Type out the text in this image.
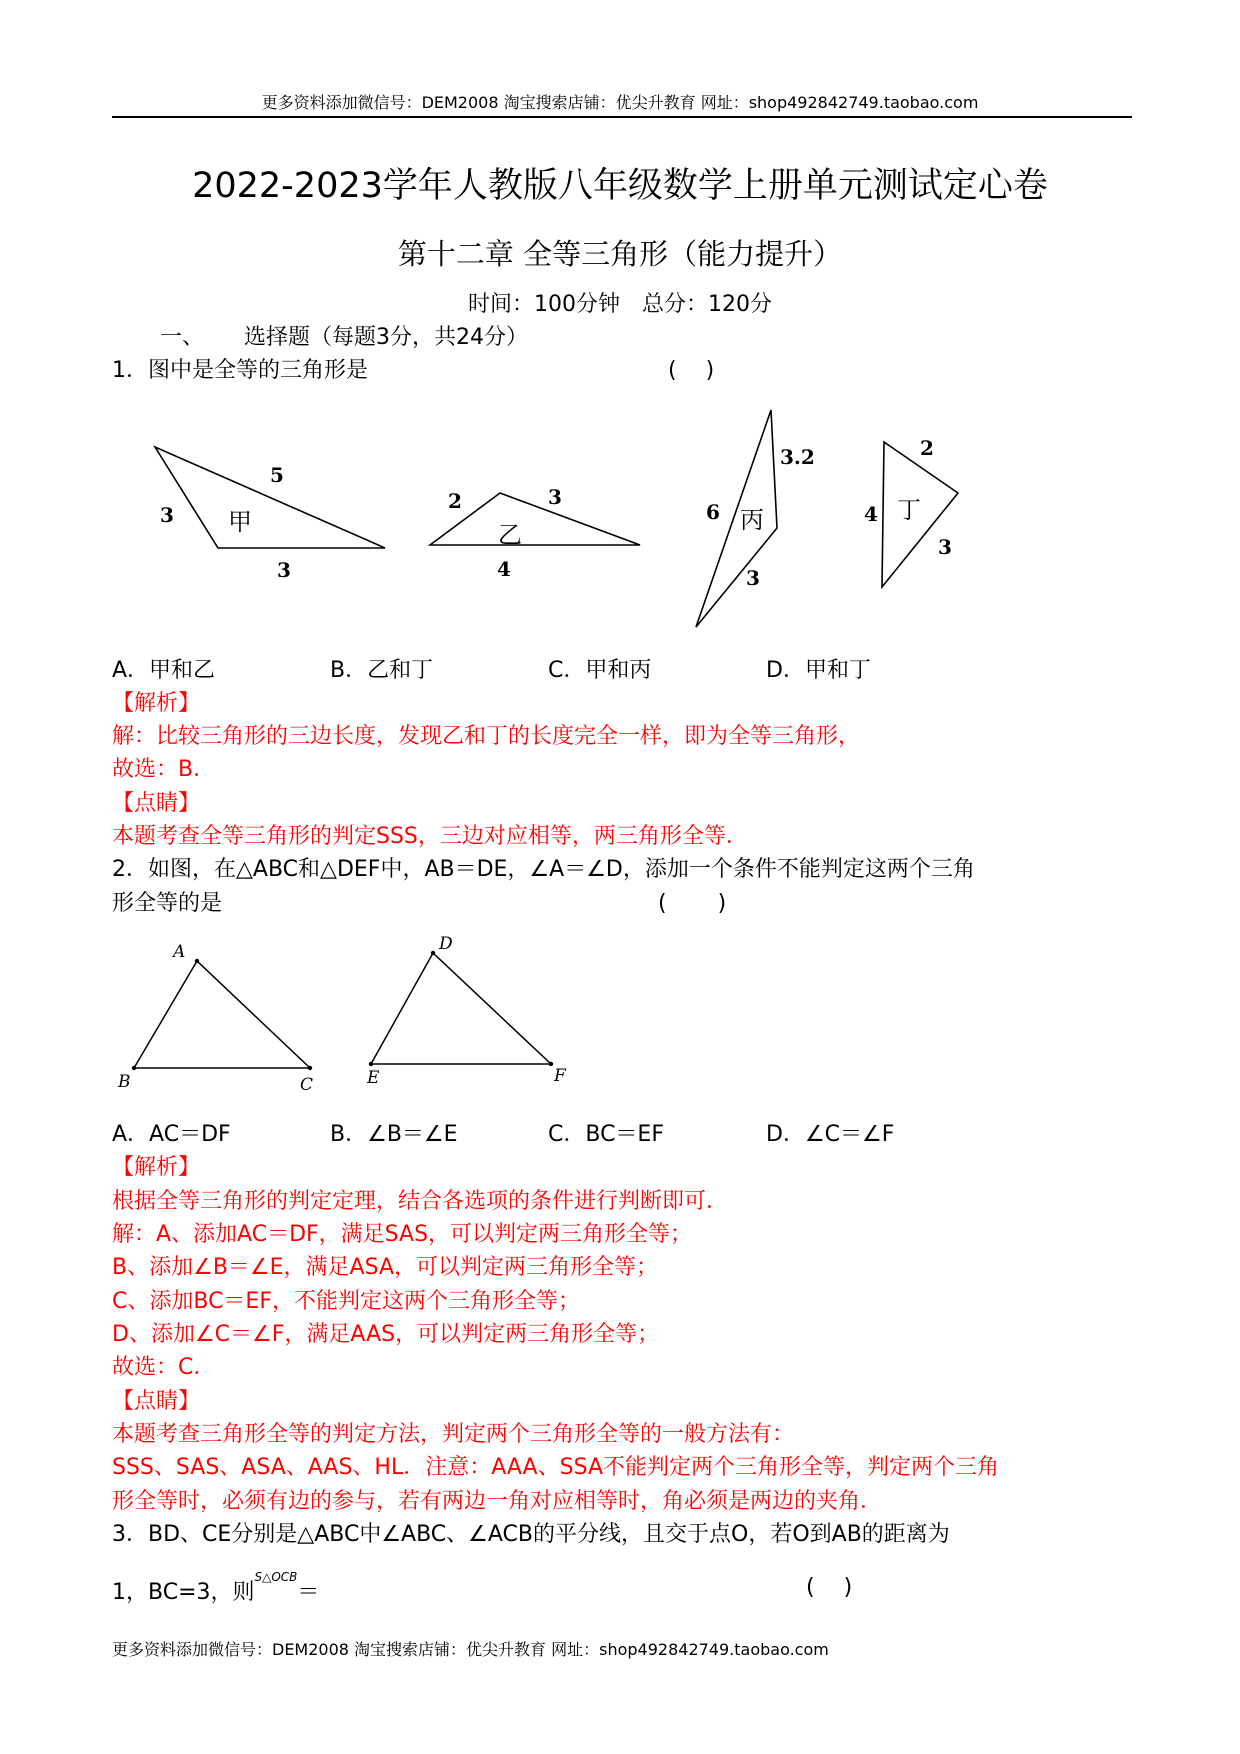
更多资料添加微信号：DEM2008 淘宝搜索店铺：优尖升教育 网址：shop492842749.taobao.com
2022-2023学年人教版八年级数学上册单元测试定心卷
第十二章 全等三角形（能力提升）
时间：100分钟　总分：120分
一、 选择题（每题3分，共24分）
1．图中是全等的三角形是	(　 )
3
5
3
甲
2	3
4
乙
6
3.2
3
丙	4
2
3
丁
A．甲和乙	B．乙和丁	C．甲和丙	D．甲和丁
【解析】
解：比较三角形的三边长度，发现乙和丁的长度完全一样，即为全等三角形，
故选：B．
【点睛】
本题考查全等三角形的判定SSS，三边对应相等，两三角形全等．
2．如图，在△ABC和△DEF中，AB＝DE，∠A＝∠D，添加一个条件不能判定这两个三角
形全等的是	(　　 )
A
B	C
D
E	F
A．AC＝DF	B．∠B＝∠E	C．BC＝EF	D．∠C＝∠F
【解析】
根据全等三角形的判定定理，结合各选项的条件进行判断即可．
解：A、添加AC＝DF，满足SAS，可以判定两三角形全等；
B、添加∠B＝∠E，满足ASA，可以判定两三角形全等；
C、添加BC＝EF，不能判定这两个三角形全等；
D、添加∠C＝∠F，满足AAS，可以判定两三角形全等；
故选：C．
【点睛】
本题考查三角形全等的判定方法，判定两个三角形全等的一般方法有：
SSS、SAS、ASA、AAS、HL．注意：AAA、SSA不能判定两个三角形全等，判定两个三角
形全等时，必须有边的参与，若有两边一角对应相等时，角必须是两边的夹角．
3．BD、CE分别是△ABC中∠ABC、∠ACB的平分线，且交于点O，若O到AB的距离为
1，BC=3，则$^{S\triangle OCB}$＝	(　 )
更多资料添加微信号：DEM2008 淘宝搜索店铺：优尖升教育 网址：shop492842749.taobao.com
